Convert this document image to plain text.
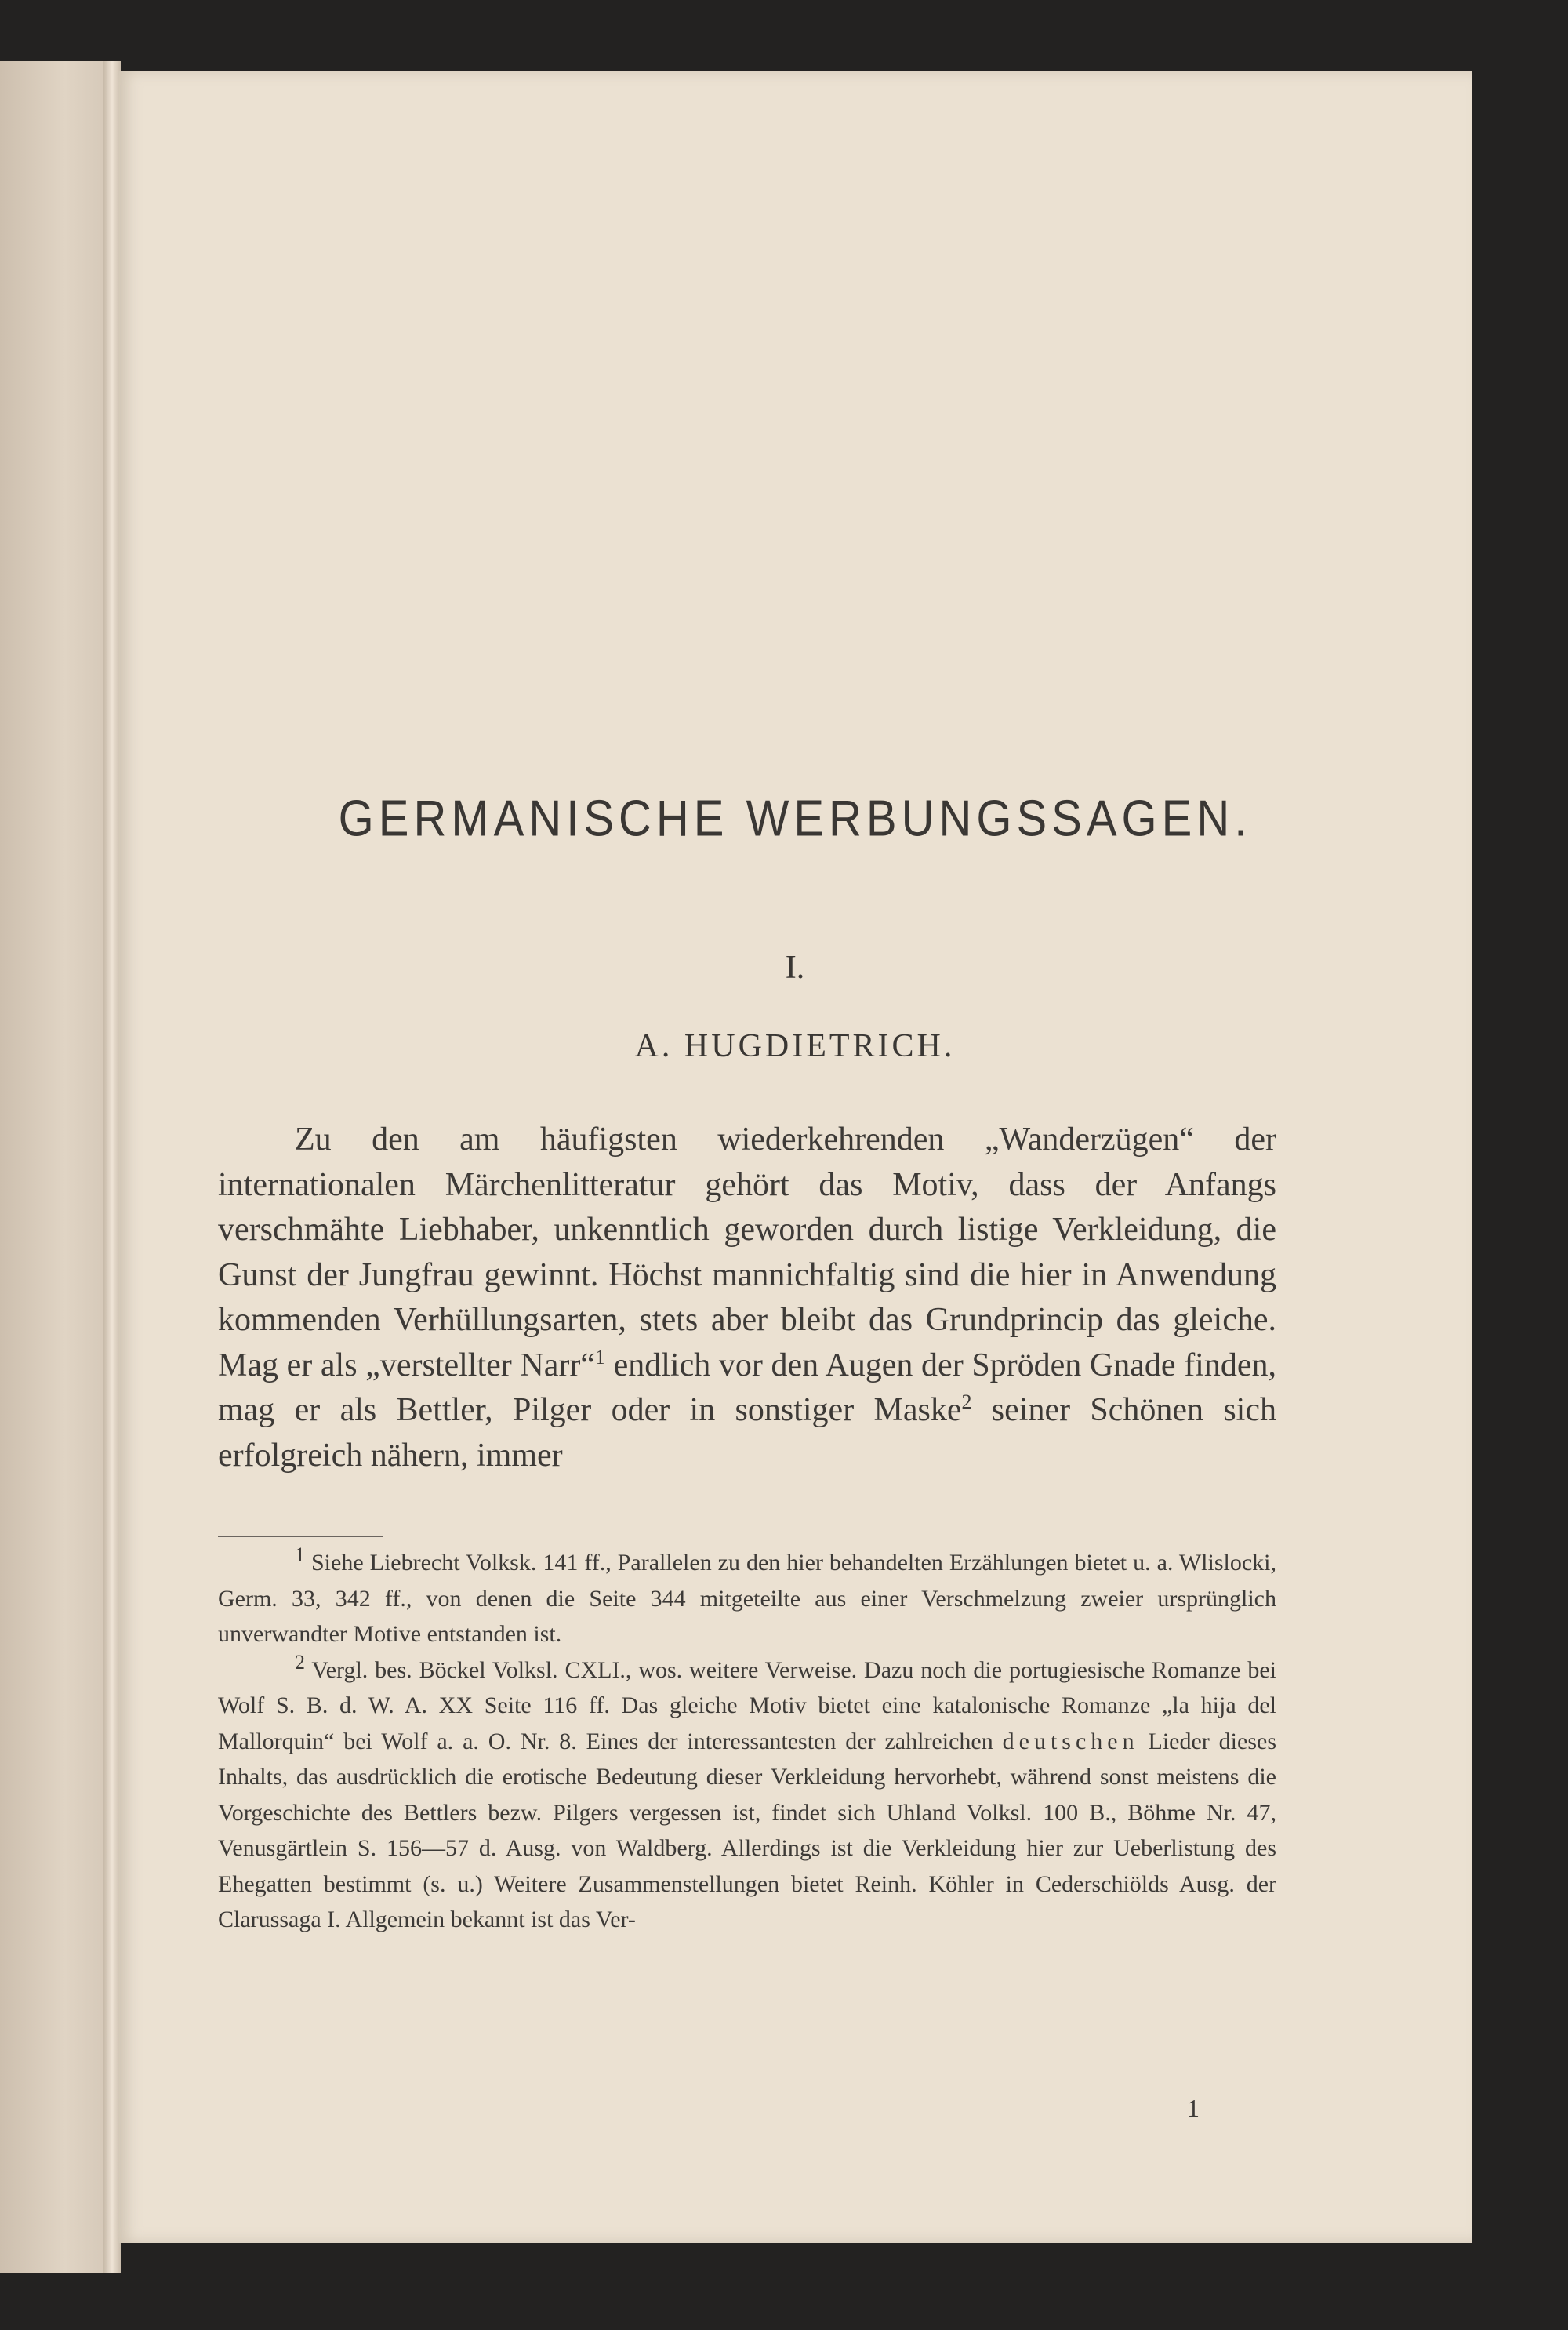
GERMANISCHE WERBUNGSSAGEN.
I.
A. HUGDIETRICH.

Zu den am häufigsten wiederkehrenden „Wanderzügen“ der internationalen Märchenlitteratur gehört das Motiv, dass der Anfangs verschmähte Liebhaber, unkenntlich geworden durch listige Verkleidung, die Gunst der Jungfrau gewinnt. Höchst mannichfaltig sind die hier in Anwendung kommenden Verhüllungsarten, stets aber bleibt das Grundprincip das gleiche. Mag er als „verstellter Narr“$^1$ endlich vor den Augen der Spröden Gnade finden, mag er als Bettler, Pilger oder in sonstiger Maske$^2$ seiner Schönen sich erfolgreich nähern, immer

$^1$ Siehe Liebrecht Volksk. 141 ff., Parallelen zu den hier behandelten Erzählungen bietet u. a. Wlislocki, Germ. 33, 342 ff., von denen die Seite 344 mitgeteilte aus einer Verschmelzung zweier ursprünglich unverwandter Motive entstanden ist.

$^2$ Vergl. bes. Böckel Volksl. CXLI., wos. weitere Verweise. Dazu noch die portugiesische Romanze bei Wolf S. B. d. W. A. XX Seite 116 ff. Das gleiche Motiv bietet eine katalonische Romanze „la hija del Mallorquin“ bei Wolf a. a. O. Nr. 8. Eines der interessantesten der zahlreichen deutschen Lieder dieses Inhalts, das ausdrücklich die erotische Bedeutung dieser Verkleidung hervorhebt, während sonst meistens die Vorgeschichte des Bettlers bezw. Pilgers vergessen ist, findet sich Uhland Volksl. 100 B., Böhme Nr. 47, Venusgärtlein S. 156—57 d. Ausg. von Waldberg. Allerdings ist die Verkleidung hier zur Ueberlistung des Ehegatten bestimmt (s. u.) Weitere Zusammenstellungen bietet Reinh. Köhler in Cederschiölds Ausg. der Clarussaga I. Allgemein bekannt ist das Ver-

1
